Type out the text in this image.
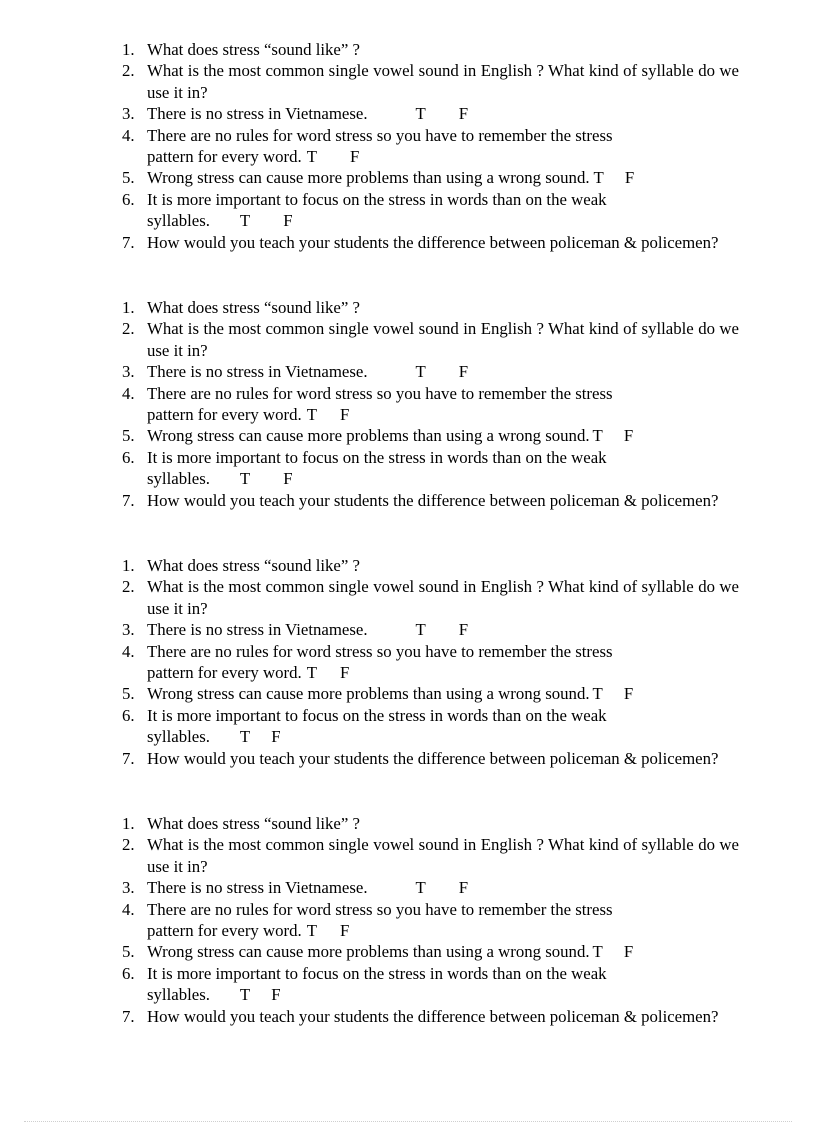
1. What does stress “sound like” ?
2. What is the most common single vowel sound in English ? What kind of syllable do we use it in?
3. There is no stress in Vietnamese.	T F
4. There are no rules for word stress so you have to remember the stress
pattern for every word. T F
5. Wrong stress can cause more problems than using a wrong sound. T F
6. It is more important to focus on the stress in words than on the weak
syllables. T F
7. How would you teach your students the difference between policeman & policemen?
1. What does stress “sound like” ?
2. What is the most common single vowel sound in English ? What kind of syllable do we use it in?
3. There is no stress in Vietnamese.	T F
4. There are no rules for word stress so you have to remember the stress
pattern for every word. T F
5. Wrong stress can cause more problems than using a wrong sound. T F
6. It is more important to focus on the stress in words than on the weak
syllables. T F
7. How would you teach your students the difference between policeman & policemen?
1. What does stress “sound like” ?
2. What is the most common single vowel sound in English ? What kind of syllable do we use it in?
3. There is no stress in Vietnamese.	T F
4. There are no rules for word stress so you have to remember the stress
pattern for every word. T F
5. Wrong stress can cause more problems than using a wrong sound. T F
6. It is more important to focus on the stress in words than on the weak
syllables. T F
7. How would you teach your students the difference between policeman & policemen?
1. What does stress “sound like” ?
2. What is the most common single vowel sound in English ? What kind of syllable do we use it in?
3. There is no stress in Vietnamese.	T F
4. There are no rules for word stress so you have to remember the stress
pattern for every word. T F
5. Wrong stress can cause more problems than using a wrong sound. T F
6. It is more important to focus on the stress in words than on the weak
syllables. T F
7. How would you teach your students the difference between policeman & policemen?
